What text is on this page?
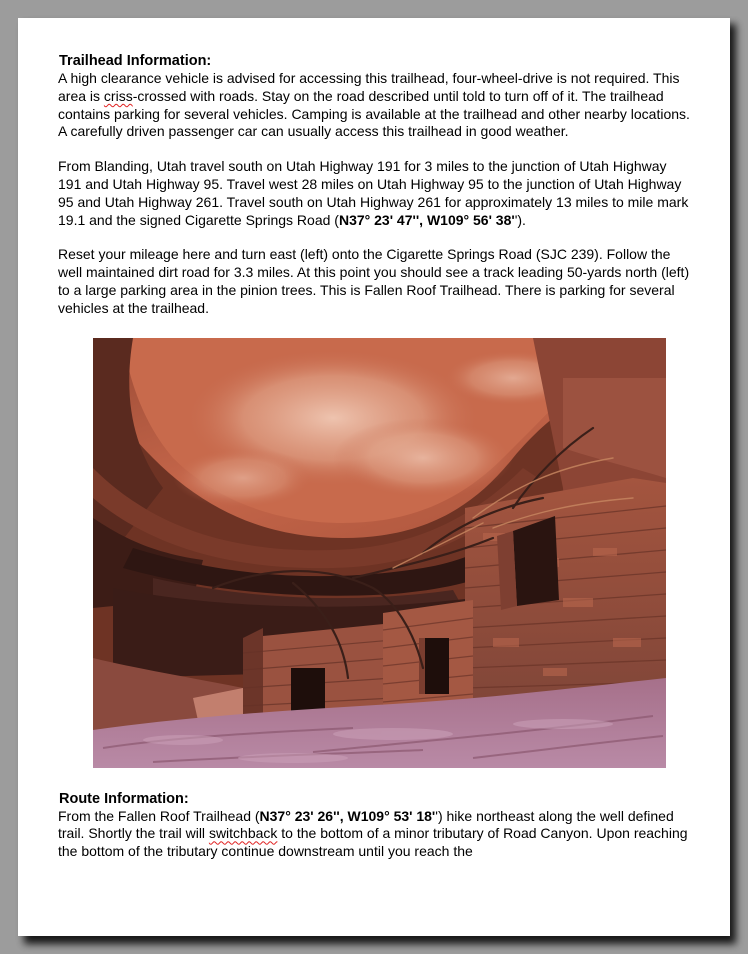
Trailhead Information:

A high clearance vehicle is advised for accessing this trailhead, four-wheel-drive is not required. This area is criss-crossed with roads. Stay on the road described until told to turn off of it. The trailhead contains parking for several vehicles. Camping is available at the trailhead and other nearby locations. A carefully driven passenger car can usually access this trailhead in good weather.

From Blanding, Utah travel south on Utah Highway 191 for 3 miles to the junction of Utah Highway 191 and Utah Highway 95. Travel west 28 miles on Utah Highway 95 to the junction of Utah Highway 95 and Utah Highway 261. Travel south on Utah Highway 261 for approximately 13 miles to mile mark 19.1 and the signed Cigarette Springs Road (N37° 23' 47'', W109° 56' 38'').

Reset your mileage here and turn east (left) onto the Cigarette Springs Road (SJC 239). Follow the well maintained dirt road for 3.3 miles. At this point you should see a track leading 50-yards north (left) to a large parking area in the pinion trees. This is Fallen Roof Trailhead. There is parking for several vehicles at the trailhead.

Route Information:

From the Fallen Roof Trailhead (N37° 23' 26'', W109° 53' 18'') hike northeast along the well defined trail. Shortly the trail will switchback to the bottom of a minor tributary of Road Canyon. Upon reaching the bottom of the tributary continue downstream until you reach the
